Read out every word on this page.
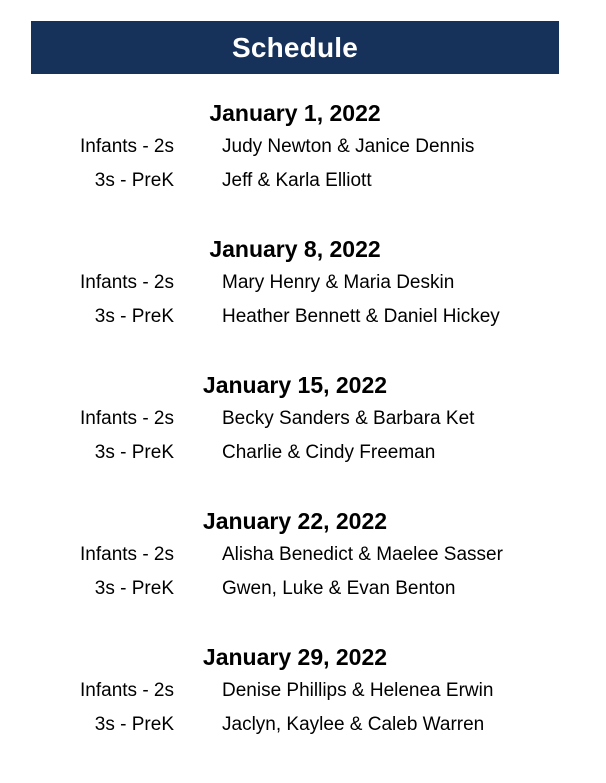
Schedule
January 1, 2022
Infants - 2s	Judy Newton & Janice Dennis
3s - PreK	Jeff & Karla Elliott
January 8, 2022
Infants - 2s	Mary Henry & Maria Deskin
3s - PreK	Heather Bennett & Daniel Hickey
January 15, 2022
Infants - 2s	Becky Sanders & Barbara Ket
3s - PreK	Charlie & Cindy Freeman
January 22, 2022
Infants - 2s	Alisha Benedict & Maelee Sasser
3s - PreK	Gwen, Luke & Evan Benton
January 29, 2022
Infants - 2s	Denise Phillips & Helenea Erwin
3s - PreK	Jaclyn, Kaylee & Caleb Warren
